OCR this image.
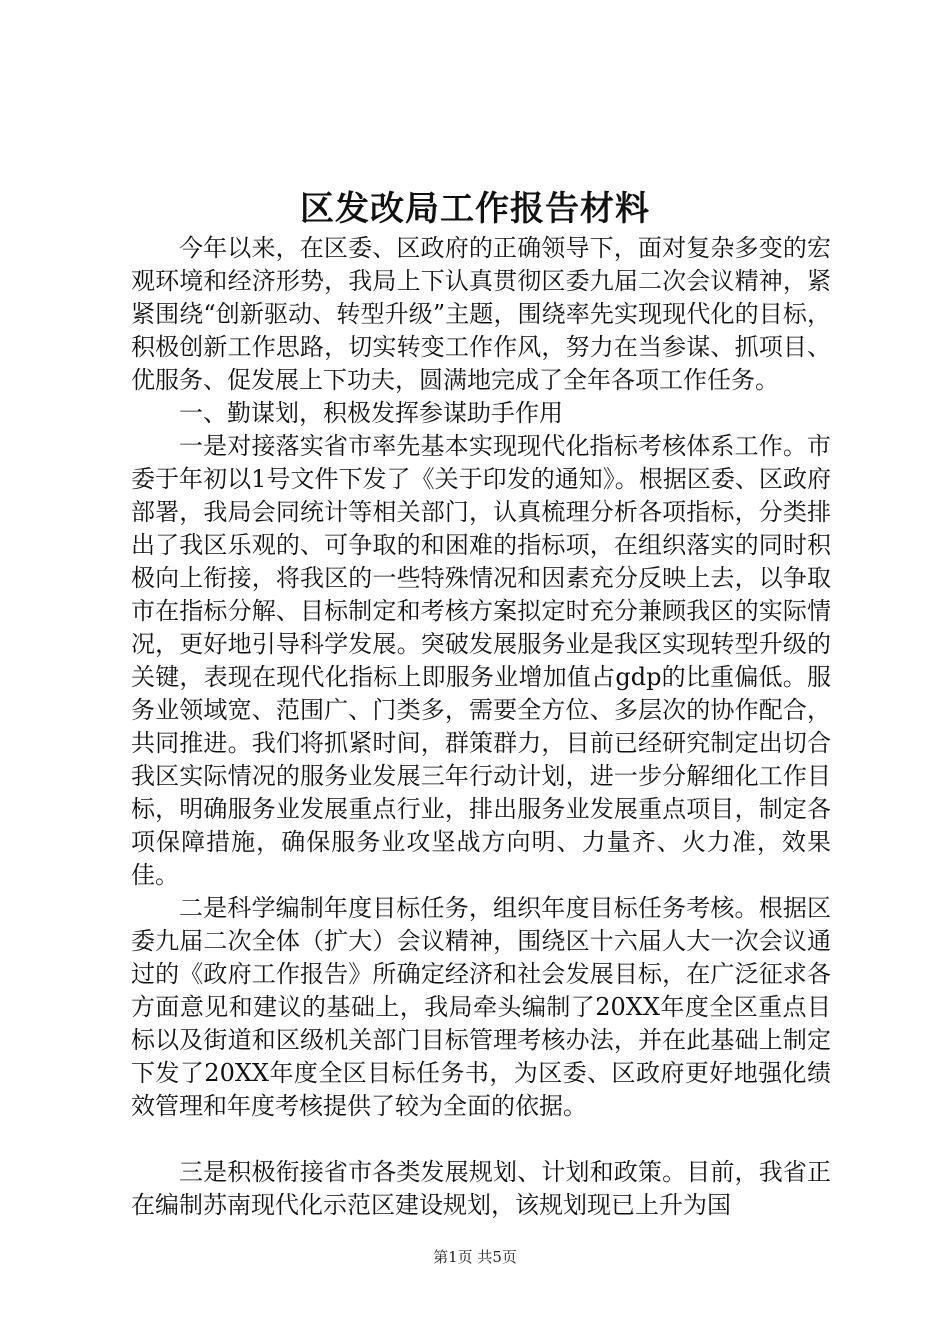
区发改局工作报告材料

今年以来，在区委、区政府的正确领导下，面对复杂多变的宏观环境和经济形势，我局上下认真贯彻区委九届二次会议精神，紧紧围绕“创新驱动、转型升级”主题，围绕率先实现现代化的目标，积极创新工作思路，切实转变工作作风，努力在当参谋、抓项目、优服务、促发展上下功夫，圆满地完成了全年各项工作任务。

一、勤谋划，积极发挥参谋助手作用

一是对接落实省市率先基本实现现代化指标考核体系工作。市委于年初以1号文件下发了《关于印发的通知》。根据区委、区政府部署，我局会同统计等相关部门，认真梳理分析各项指标，分类排出了我区乐观的、可争取的和困难的指标项，在组织落实的同时积极向上衔接，将我区的一些特殊情况和因素充分反映上去，以争取市在指标分解、目标制定和考核方案拟定时充分兼顾我区的实际情况，更好地引导科学发展。突破发展服务业是我区实现转型升级的关键，表现在现代化指标上即服务业增加值占gdp的比重偏低。服务业领域宽、范围广、门类多，需要全方位、多层次的协作配合，共同推进。我们将抓紧时间，群策群力，目前已经研究制定出切合我区实际情况的服务业发展三年行动计划，进一步分解细化工作目标，明确服务业发展重点行业，排出服务业发展重点项目，制定各项保障措施，确保服务业攻坚战方向明、力量齐、火力准，效果佳。

二是科学编制年度目标任务，组织年度目标任务考核。根据区委九届二次全体（扩大）会议精神，围绕区十六届人大一次会议通过的《政府工作报告》所确定经济和社会发展目标，在广泛征求各方面意见和建议的基础上，我局牵头编制了20XX年度全区重点目标以及街道和区级机关部门目标管理考核办法，并在此基础上制定下发了20XX年度全区目标任务书，为区委、区政府更好地强化绩效管理和年度考核提供了较为全面的依据。

三是积极衔接省市各类发展规划、计划和政策。目前，我省正在编制苏南现代化示范区建设规划，该规划现已上升为国

第1页 共5页
